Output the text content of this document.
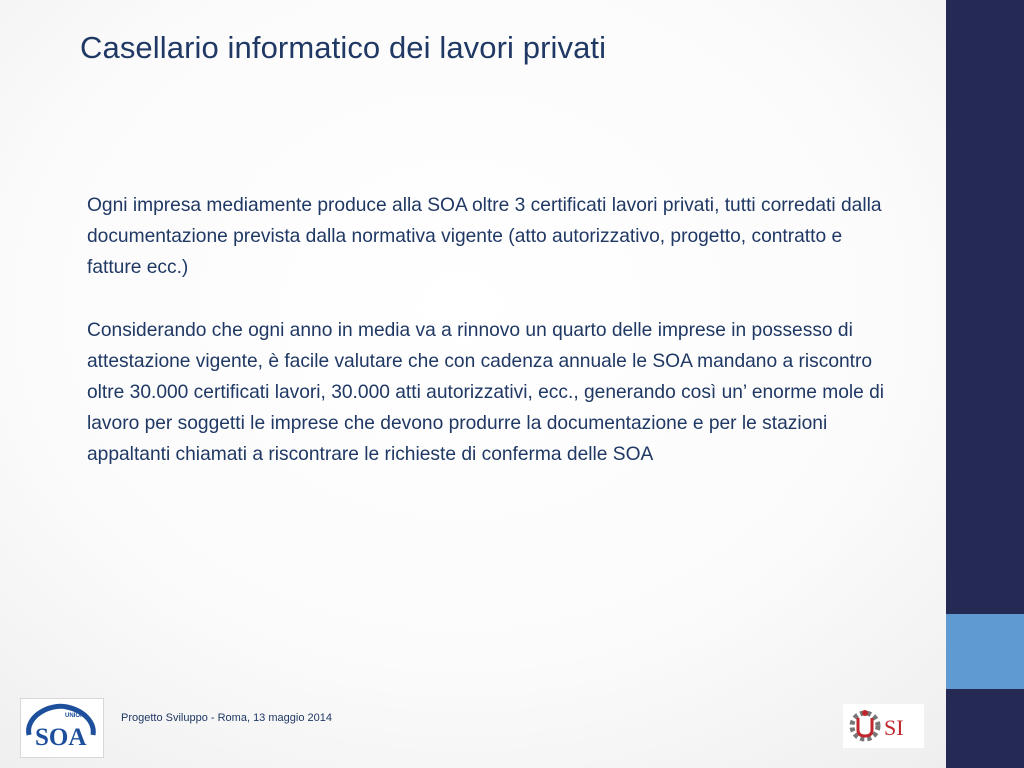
Casellario informatico dei lavori privati

Ogni impresa mediamente produce alla SOA oltre 3 certificati lavori privati, tutti corredati dalla documentazione prevista dalla normativa vigente (atto autorizzativo, progetto, contratto e fatture ecc.)

Considerando che ogni anno in media va a rinnovo un quarto delle imprese in possesso di attestazione vigente, è facile valutare che con cadenza annuale le SOA mandano a riscontro oltre 30.000 certificati lavori, 30.000 atti autorizzativi, ecc., generando così un’ enorme mole di lavoro per soggetti le imprese che devono produrre la documentazione e per le stazioni appaltanti chiamati a riscontrare le richieste di conferma delle SOA

UNION
SOA
Progetto Sviluppo - Roma, 13 maggio 2014	SI
